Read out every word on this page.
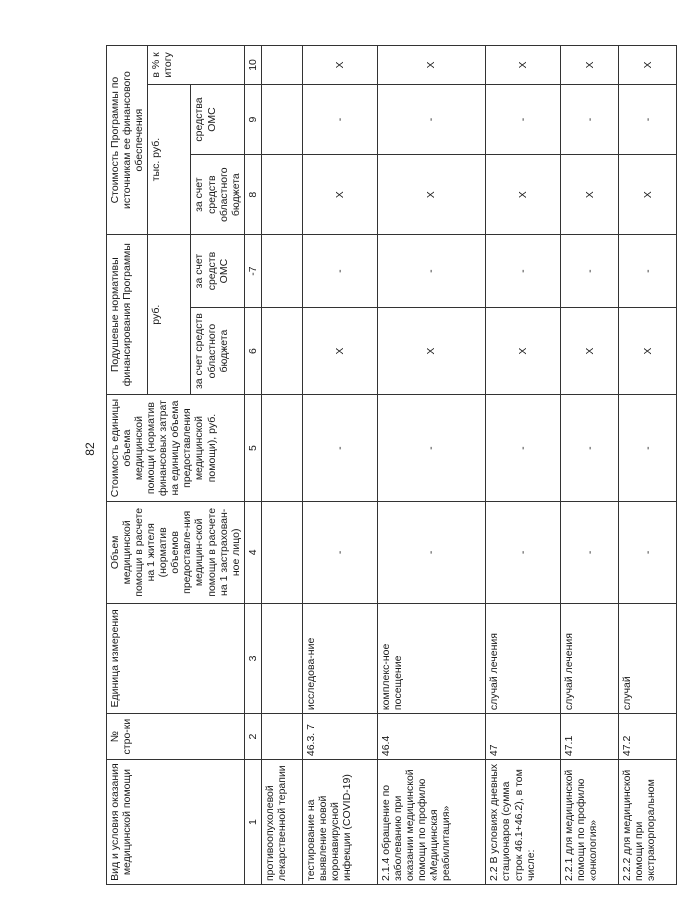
82
Вид и условия оказания медицинской помощи	№ стро-ки	Единица измерения	Объем медицинской помощи в расчете на 1 жителя (норматив объемов предоставле-ния медицин-ской помощи в расчете на 1 застрахован-ное лицо)	Стоимость единицы объема медицинской помощи (норматив финансовых затрат на единицу объема предоставления медицинской помощи), руб.	Подушевые нормативы финансирования Программы		Стоимость Программы по источникам ее финансового обеспечения		
					руб.		тыс. руб.		в % к итогу
					за счет средств областного бюджета	за счет средств ОМС	за счет средств областного бюджета	средства ОМС	
1	2	3	4	5	6	-7	8	9	10
противоопухолевой лекарственной терапии									
тестирование на выявление новой коронавирусной инфекции (COVID-19)	46.3. 7	исследова-ние	-	-	X	-	X	-	X
2.1.4 обращение по заболеванию при оказании медицинской помощи по профилю «Медицинская реабилитация»	46.4	комплекс-ное посещение	-	-	X	-	X	-	X
2.2 В условиях дневных стационаров (сумма строк 46.1+46.2), в том числе:	47	случай лечения	-	-	X	-	X	-	X
2.2.1 для медицинской помощи по профилю «онкология»	47.1	случай лечения	-	-	X	-	X	-	X
2.2.2 для медицинской помощи при экстракорпоральном	47.2	случай	-	-	X	-	X	-	X
